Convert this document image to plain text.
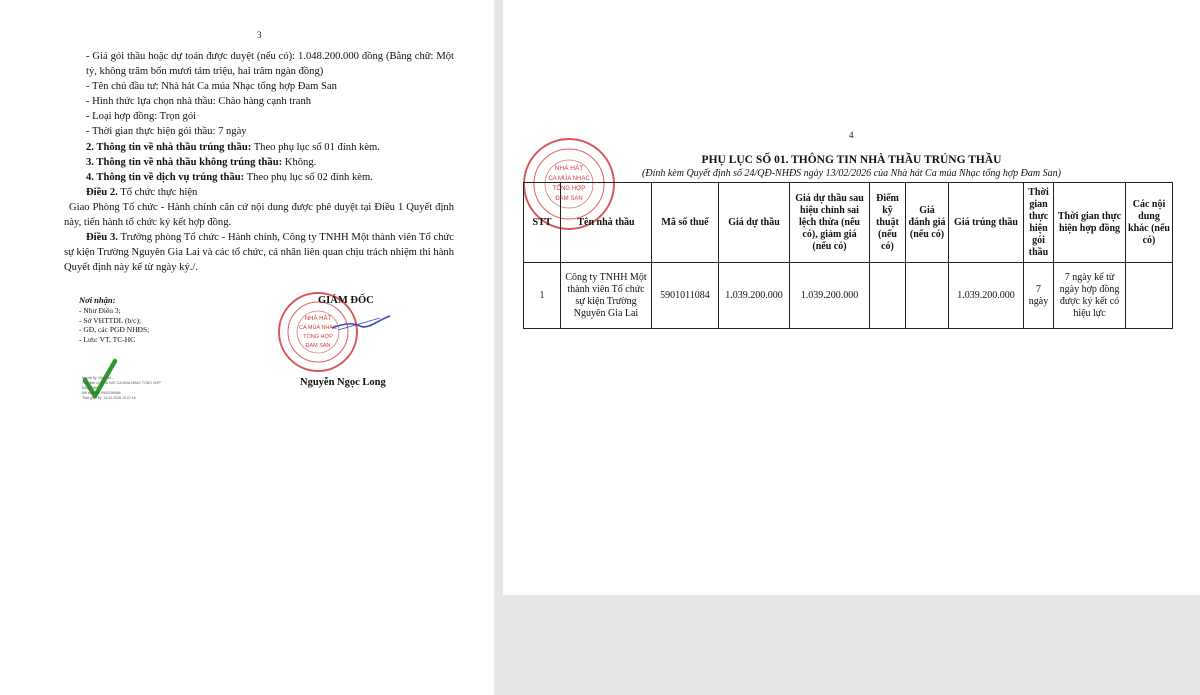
3

- Giá gói thầu hoặc dự toán được duyệt (nếu có): 1.048.200.000 đồng (Bằng chữ: Một tỷ, không trăm bốn mươi tám triệu, hai trăm ngàn đồng)

- Tên chủ đầu tư: Nhà hát Ca múa Nhạc tổng hợp Đam San

- Hình thức lựa chọn nhà thầu: Chào hàng cạnh tranh

- Loại hợp đồng: Trọn gói

- Thời gian thực hiện gói thầu: 7 ngày

2. Thông tin về nhà thầu trúng thầu: Theo phụ lục số 01 đính kèm.

3. Thông tin về nhà thầu không trúng thầu: Không.

4. Thông tin về dịch vụ trúng thầu: Theo phụ lục số 02 đính kèm.

Điều 2. Tổ chức thực hiện

Giao Phòng Tổ chức - Hành chính căn cứ nội dung được phê duyệt tại Điều 1 Quyết định này, tiến hành tổ chức ký kết hợp đồng.

Điều 3. Trưởng phòng Tổ chức - Hành chính, Công ty TNHH Một thành viên Tổ chức sự kiện Trường Nguyên Gia Lai và các tổ chức, cá nhân liên quan chịu trách nhiệm thi hành Quyết định này kể từ ngày ký./.

Nơi nhận:
- Như Điều 3;
- Sở VHTTDL (b/c);
- GĐ, các PGĐ NHĐS;
- Lưu: VT, TC-HC
NHÀ HÁT
CA MÚA NHẠC
TỔNG HỢP
ĐAM SAN
GIÁM ĐỐC
Nguyễn Ngọc Long
Người ký: Nhà hát ...
Tên đơn vị: NHÀ HÁT CA MÚA NHẠC TỔNG HỢP
ĐAM SAN
Mã số thuế: 5900299466
Thời gian ký: 13-02-2026 10:07:16
4
PHỤ LỤC SỐ 01. THÔNG TIN NHÀ THẦU TRÚNG THẦU
(Đính kèm Quyết định số 24/QĐ-NHĐS ngày 13/02/2026 của Nhà hát Ca múa Nhạc tổng hợp Đam San)
NHÀ HÁT
CA MÚA NHẠC
TỔNG HỢP
ĐAM SAN
STT	Tên nhà thầu	Mã số thuế	Giá dự thầu	Giá dự thầu sau hiệu chỉnh sai lệch thừa (nếu có), giảm giá (nếu có)	Điểm kỹ thuật (nếu có)	Giá đánh giá (nếu có)	Giá trúng thầu	Thời gian thực hiện gói thầu	Thời gian thực hiện hợp đồng	Các nội dung khác (nếu có)
1	Công ty TNHH Một thành viên Tổ chức sự kiện Trường Nguyên Gia Lai	5901011084	1.039.200.000	1.039.200.000			1.039.200.000	7 ngày	7 ngày kể từ ngày hợp đồng được ký kết có hiệu lực	
